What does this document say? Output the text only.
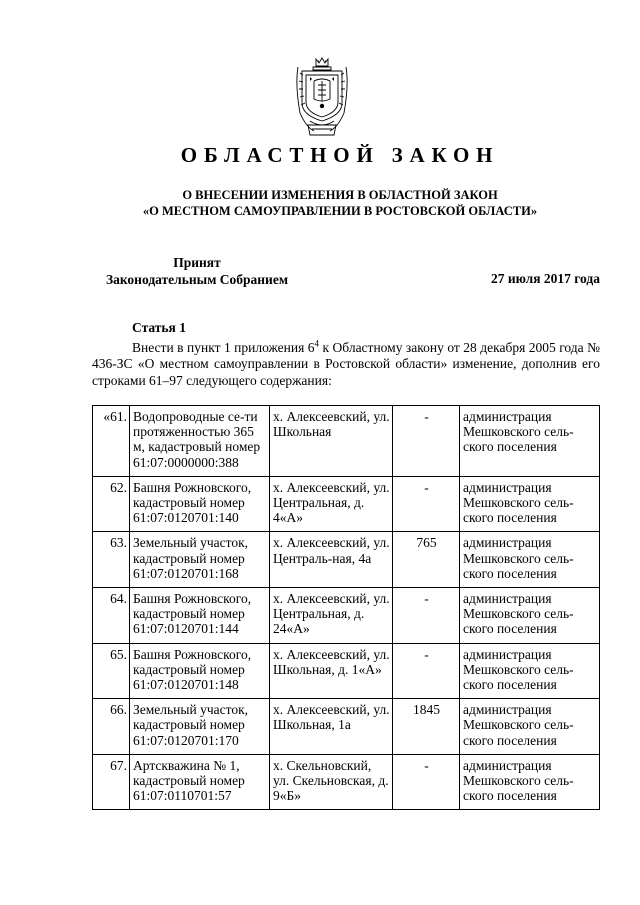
ОБЛАСТНОЙ ЗАКОН
О ВНЕСЕНИИ ИЗМЕНЕНИЯ В ОБЛАСТНОЙ ЗАКОН
«О МЕСТНОМ САМОУПРАВЛЕНИИ В РОСТОВСКОЙ ОБЛАСТИ»
Принят
Законодательным Собранием	27 июля 2017 года
Статья 1
Внести в пункт 1 приложения $6^4$ к Областному закону от 28 декабря 2005 года № 436-ЗС «О местном самоуправлении в Ростовской области» изменение, дополнив его строками 61–97 следующего содержания:
«61.	Водопроводные се-ти протяженностью 365 м, кадастровый номер 61:07:0000000:388	х. Алексеевский, ул. Школьная	-	администрация Мешковского сель-ского поселения
62.	Башня Рожновского, кадастровый номер 61:07:0120701:140	х. Алексеевский, ул. Центральная, д. 4«А»	-	администрация Мешковского сель-ского поселения
63.	Земельный участок, кадастровый номер 61:07:0120701:168	х. Алексеевский, ул. Централь-ная, 4а	765	администрация Мешковского сель-ского поселения
64.	Башня Рожновского, кадастровый номер 61:07:0120701:144	х. Алексеевский, ул. Центральная, д. 24«А»	-	администрация Мешковского сель-ского поселения
65.	Башня Рожновского, кадастровый номер 61:07:0120701:148	х. Алексеевский, ул. Школьная, д. 1«А»	-	администрация Мешковского сель-ского поселения
66.	Земельный участок, кадастровый номер 61:07:0120701:170	х. Алексеевский, ул. Школьная, 1а	1845	администрация Мешковского сель-ского поселения
67.	Артскважина № 1, кадастровый номер 61:07:0110701:57	х. Скельновский, ул. Скельновская, д. 9«Б»	-	администрация Мешковского сель-ского поселения
